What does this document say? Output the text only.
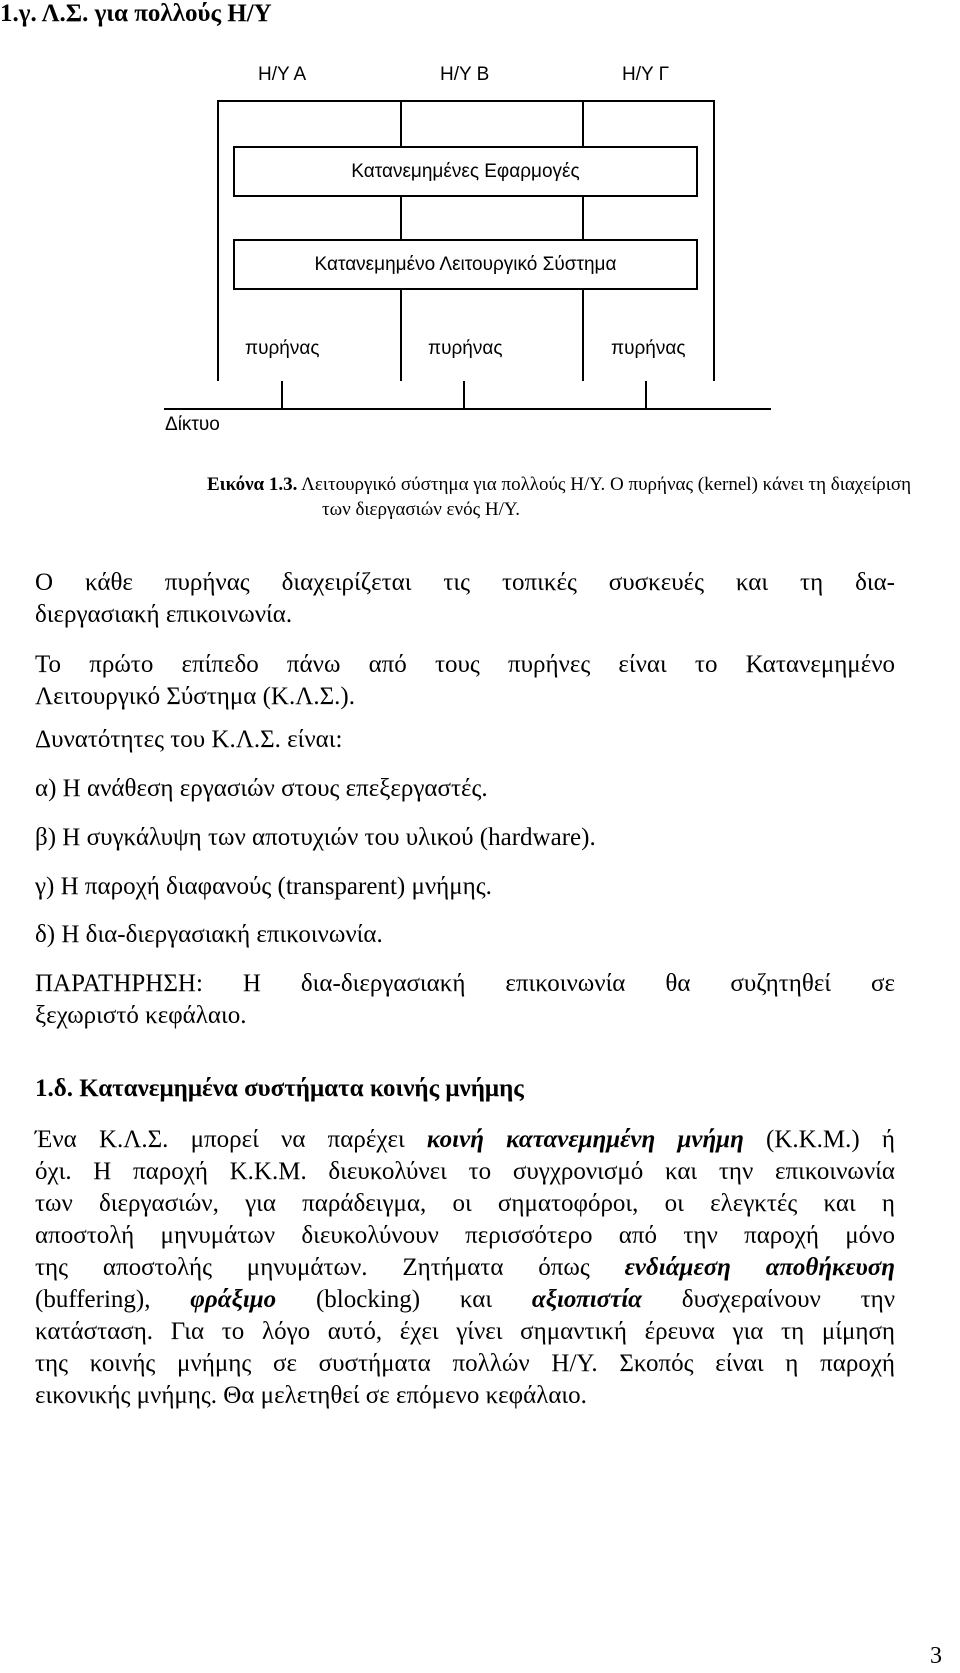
1.γ. Λ.Σ. για πολλούς Η/Υ
Η/Υ Α	Η/Υ Β	Η/Υ Γ
Κατανεμημένες Εφαρμογές
Κατανεμημένο Λειτουργικό Σύστημα
πυρήνας	πυρήνας	πυρήνας
Δίκτυο
Εικόνα 1.3. Λειτουργικό σύστημα για πολλούς Η/Υ. Ο πυρήνας (kernel) κάνει τη διαχείριση
των διεργασιών ενός Η/Υ.
Ο κάθε πυρήνας διαχειρίζεται τις τοπικές συσκευές και τη δια-
διεργασιακή επικοινωνία.
Το πρώτο επίπεδο πάνω από τους πυρήνες είναι το Κατανεμημένο
Λειτουργικό Σύστημα (Κ.Λ.Σ.).
Δυνατότητες του Κ.Λ.Σ. είναι:
α) Η ανάθεση εργασιών στους επεξεργαστές.
β) Η συγκάλυψη των αποτυχιών του υλικού (hardware).
γ) Η παροχή διαφανούς (transparent) μνήμης.
δ) Η δια-διεργασιακή επικοινωνία.
ΠΑΡΑΤΗΡΗΣΗ: Η δια-διεργασιακή επικοινωνία θα συζητηθεί σε
ξεχωριστό κεφάλαιο.
1.δ. Κατανεμημένα συστήματα κοινής μνήμης
Ένα Κ.Λ.Σ. μπορεί να παρέχει κοινή κατανεμημένη μνήμη (Κ.Κ.Μ.) ή
όχι. Η παροχή Κ.Κ.Μ. διευκολύνει το συγχρονισμό και την επικοινωνία
των διεργασιών, για παράδειγμα, οι σηματοφόροι, οι ελεγκτές και η
αποστολή μηνυμάτων διευκολύνουν περισσότερο από την παροχή μόνο
της αποστολής μηνυμάτων. Ζητήματα όπως ενδιάμεση αποθήκευση
(buffering), φράξιμο (blocking) και αξιοπιστία δυσχεραίνουν την
κατάσταση. Για το λόγο αυτό, έχει γίνει σημαντική έρευνα για τη μίμηση
της κοινής μνήμης σε συστήματα πολλών Η/Υ. Σκοπός είναι η παροχή
εικονικής μνήμης. Θα μελετηθεί σε επόμενο κεφάλαιο.
3
